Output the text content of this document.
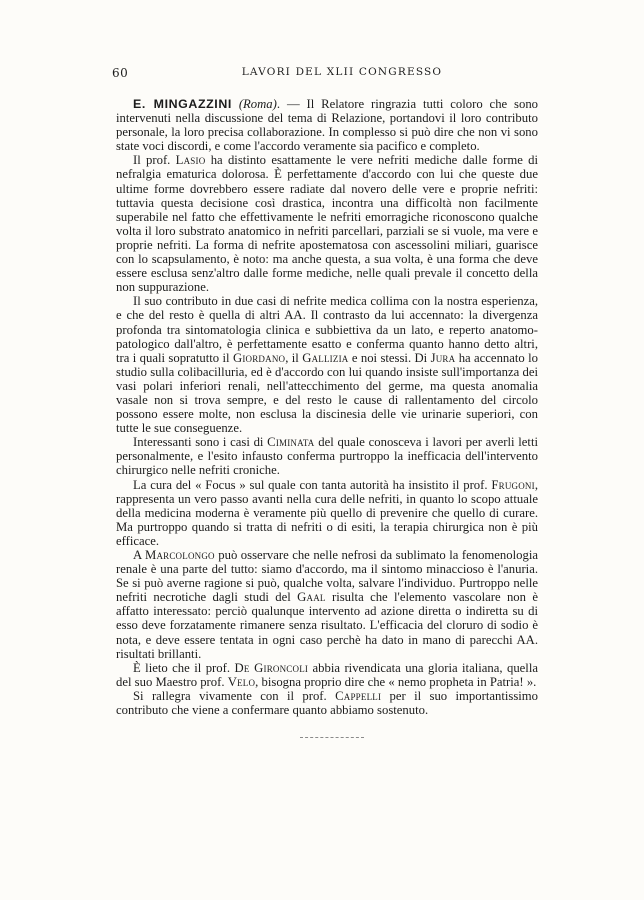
60	LAVORI DEL XLII CONGRESSO

E. MINGAZZINI (Roma). — Il Relatore ringrazia tutti coloro che sono intervenuti nella discussione del tema di Relazione, portandovi il loro contributo personale, la loro precisa collaborazione. In complesso si può dire che non vi sono state voci discordi, e come l'accordo veramente sia pacifico e completo.

Il prof. Lasio ha distinto esattamente le vere nefriti mediche dalle forme di nefralgia ematurica dolorosa. È perfettamente d'accordo con lui che queste due ultime forme dovrebbero essere radiate dal novero delle vere e proprie nefriti: tuttavia questa decisione così drastica, incontra una difficoltà non facilmente superabile nel fatto che effettivamente le nefriti emorragiche riconoscono qualche volta il loro substrato anatomico in nefriti parcellari, parziali se si vuole, ma vere e proprie nefriti. La forma di nefrite apostematosa con ascessolini miliari, guarisce con lo scapsulamento, è noto: ma anche questa, a sua volta, è una forma che deve essere esclusa senz'altro dalle forme mediche, nelle quali prevale il concetto della non suppurazione.

Il suo contributo in due casi di nefrite medica collima con la nostra esperienza, e che del resto è quella di altri AA. Il contrasto da lui accennato: la divergenza profonda tra sintomatologia clinica e subbiettiva da un lato, e reperto anatomo-patologico dall'altro, è perfettamente esatto e conferma quanto hanno detto altri, tra i quali sopratutto il Giordano, il Gallizia e noi stessi. Di Jura ha accennato lo studio sulla colibacilluria, ed è d'accordo con lui quando insiste sull'importanza dei vasi polari inferiori renali, nell'attecchimento del germe, ma questa anomalia vasale non si trova sempre, e del resto le cause di rallentamento del circolo possono essere molte, non esclusa la discinesia delle vie urinarie superiori, con tutte le sue conseguenze.

Interessanti sono i casi di Ciminata del quale conosceva i lavori per averli letti personalmente, e l'esito infausto conferma purtroppo la inefficacia dell'intervento chirurgico nelle nefriti croniche.

La cura del « Focus » sul quale con tanta autorità ha insistito il prof. Frugoni, rappresenta un vero passo avanti nella cura delle nefriti, in quanto lo scopo attuale della medicina moderna è veramente più quello di prevenire che quello di curare. Ma purtroppo quando si tratta di nefriti o di esiti, la terapia chirurgica non è più efficace.

A Marcolongo può osservare che nelle nefrosi da sublimato la fenomenologia renale è una parte del tutto: siamo d'accordo, ma il sintomo minaccioso è l'anuria. Se si può averne ragione si può, qualche volta, salvare l'individuo. Purtroppo nelle nefriti necrotiche dagli studi del Gaal risulta che l'elemento vascolare non è affatto interessato: perciò qualunque intervento ad azione diretta o indiretta su di esso deve forzatamente rimanere senza risultato. L'efficacia del cloruro di sodio è nota, e deve essere tentata in ogni caso perchè ha dato in mano di parecchi AA. risultati brillanti.

È lieto che il prof. De Gironcoli abbia rivendicata una gloria italiana, quella del suo Maestro prof. Velo, bisogna proprio dire che « nemo propheta in Patria! ».

Si rallegra vivamente con il prof. Cappelli per il suo importantissimo contributo che viene a confermare quanto abbiamo sostenuto.
